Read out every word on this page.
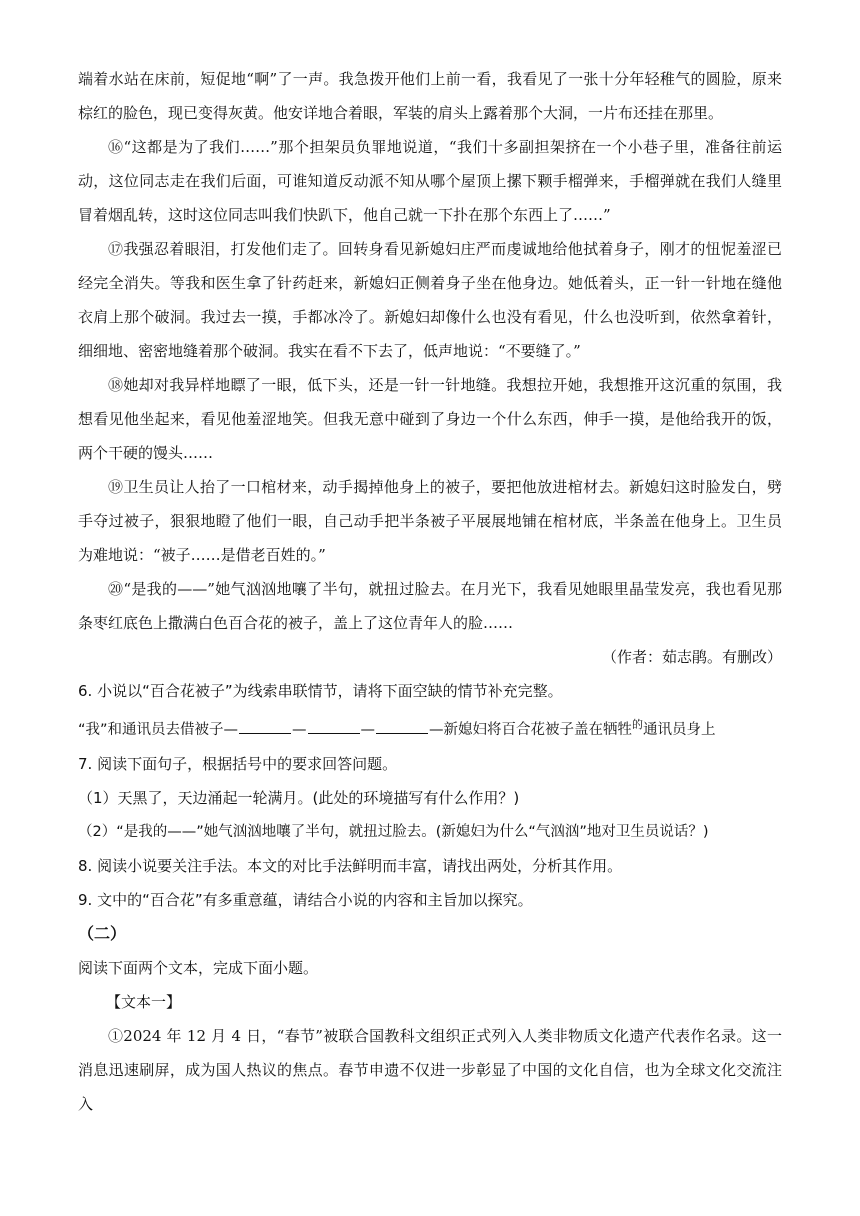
端着水站在床前，短促地“啊”了一声。我急拨开他们上前一看，我看见了一张十分年轻稚气的圆脸，原来棕红的脸色，现已变得灰黄。他安详地合着眼，军装的肩头上露着那个大洞，一片布还挂在那里。

⑯“这都是为了我们……”那个担架员负罪地说道，“我们十多副担架挤在一个小巷子里，准备往前运动，这位同志走在我们后面，可谁知道反动派不知从哪个屋顶上摞下颗手榴弹来，手榴弹就在我们人缝里冒着烟乱转，这时这位同志叫我们快趴下，他自己就一下扑在那个东西上了……”

⑰我强忍着眼泪，打发他们走了。回转身看见新媳妇庄严而虔诚地给他拭着身子，刚才的忸怩羞涩已经完全消失。等我和医生拿了针药赶来，新媳妇正侧着身子坐在他身边。她低着头，正一针一针地在缝他衣肩上那个破洞。我过去一摸，手都冰冷了。新媳妇却像什么也没有看见，什么也没听到，依然拿着针，细细地、密密地缝着那个破洞。我实在看不下去了，低声地说：“不要缝了。”

⑱她却对我异样地瞟了一眼，低下头，还是一针一针地缝。我想拉开她，我想推开这沉重的氛围，我想看见他坐起来，看见他羞涩地笑。但我无意中碰到了身边一个什么东西，伸手一摸，是他给我开的饭，两个干硬的馒头……

⑲卫生员让人抬了一口棺材来，动手揭掉他身上的被子，要把他放进棺材去。新媳妇这时脸发白，劈手夺过被子，狠狠地瞪了他们一眼，自己动手把半条被子平展展地铺在棺材底，半条盖在他身上。卫生员为难地说：“被子……是借老百姓的。”

⑳“是我的——”她气汹汹地嚷了半句，就扭过脸去。在月光下，我看见她眼里晶莹发亮，我也看见那条枣红底色上撒满白色百合花的被子，盖上了这位青年人的脸……

（作者：茹志鹃。有删改）

6. 小说以“百合花被子”为线索串联情节，请将下面空缺的情节补充完整。

“我”和通讯员去借被子—	—	—	—新媳妇将百合花被子盖在牺牲$^的$通讯员身上

7. 阅读下面句子，根据括号中的要求回答问题。

（1）天黑了，天边涌起一轮满月。(此处的环境描写有什么作用？)

（2）“是我的——”她气汹汹地嚷了半句，就扭过脸去。(新媳妇为什么“气汹汹”地对卫生员说话？)

8. 阅读小说要关注手法。本文的对比手法鲜明而丰富，请找出两处，分析其作用。

9. 文中的“百合花”有多重意蕴，请结合小说的内容和主旨加以探究。

（二）

阅读下面两个文本，完成下面小题。

【文本一】

①2024 年 12 月 4 日，“春节”被联合国教科文组织正式列入人类非物质文化遗产代表作名录。这一消息迅速刷屏，成为国人热议的焦点。春节申遗不仅进一步彰显了中国的文化自信，也为全球文化交流注入
